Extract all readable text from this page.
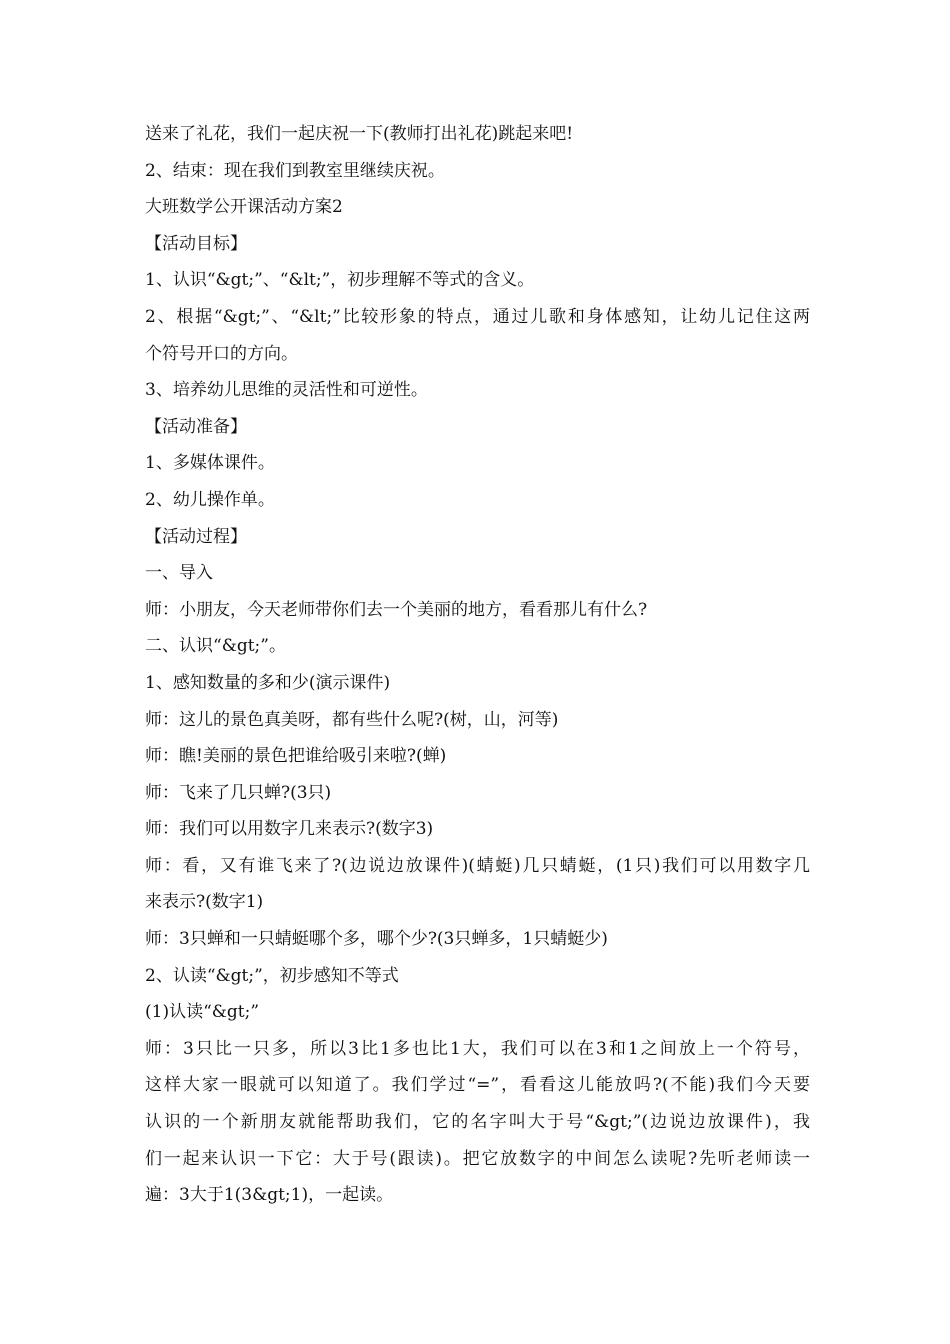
送来了礼花，我们一起庆祝一下(教师打出礼花)跳起来吧!
2、结束：现在我们到教室里继续庆祝。
大班数学公开课活动方案2
【活动目标】
1、认识“&gt;”、“&lt;”，初步理解不等式的含义。
2、根据“&gt;”、“&lt;”比较形象的特点，通过儿歌和身体感知，让幼儿记住这两
个符号开口的方向。
3、培养幼儿思维的灵活性和可逆性。
【活动准备】
1、多媒体课件。
2、幼儿操作单。
【活动过程】
一、导入
师：小朋友，今天老师带你们去一个美丽的地方，看看那儿有什么?
二、认识“&gt;”。
1、感知数量的多和少(演示课件)
师：这儿的景色真美呀，都有些什么呢?(树，山，河等)
师：瞧!美丽的景色把谁给吸引来啦?(蝉)
师：飞来了几只蝉?(3只)
师：我们可以用数字几来表示?(数字3)
师：看，又有谁飞来了?(边说边放课件)(蜻蜓)几只蜻蜓，(1只)我们可以用数字几
来表示?(数字1)
师：3只蝉和一只蜻蜓哪个多，哪个少?(3只蝉多，1只蜻蜓少)
2、认读“&gt;”，初步感知不等式
(1)认读“&gt;”
师：3只比一只多，所以3比1多也比1大，我们可以在3和1之间放上一个符号，
这样大家一眼就可以知道了。我们学过“=”，看看这儿能放吗?(不能)我们今天要
认识的一个新朋友就能帮助我们，它的名字叫大于号“&gt;”(边说边放课件)，我
们一起来认识一下它：大于号(跟读)。把它放数字的中间怎么读呢?先听老师读一
遍：3大于1(3&gt;1)，一起读。
